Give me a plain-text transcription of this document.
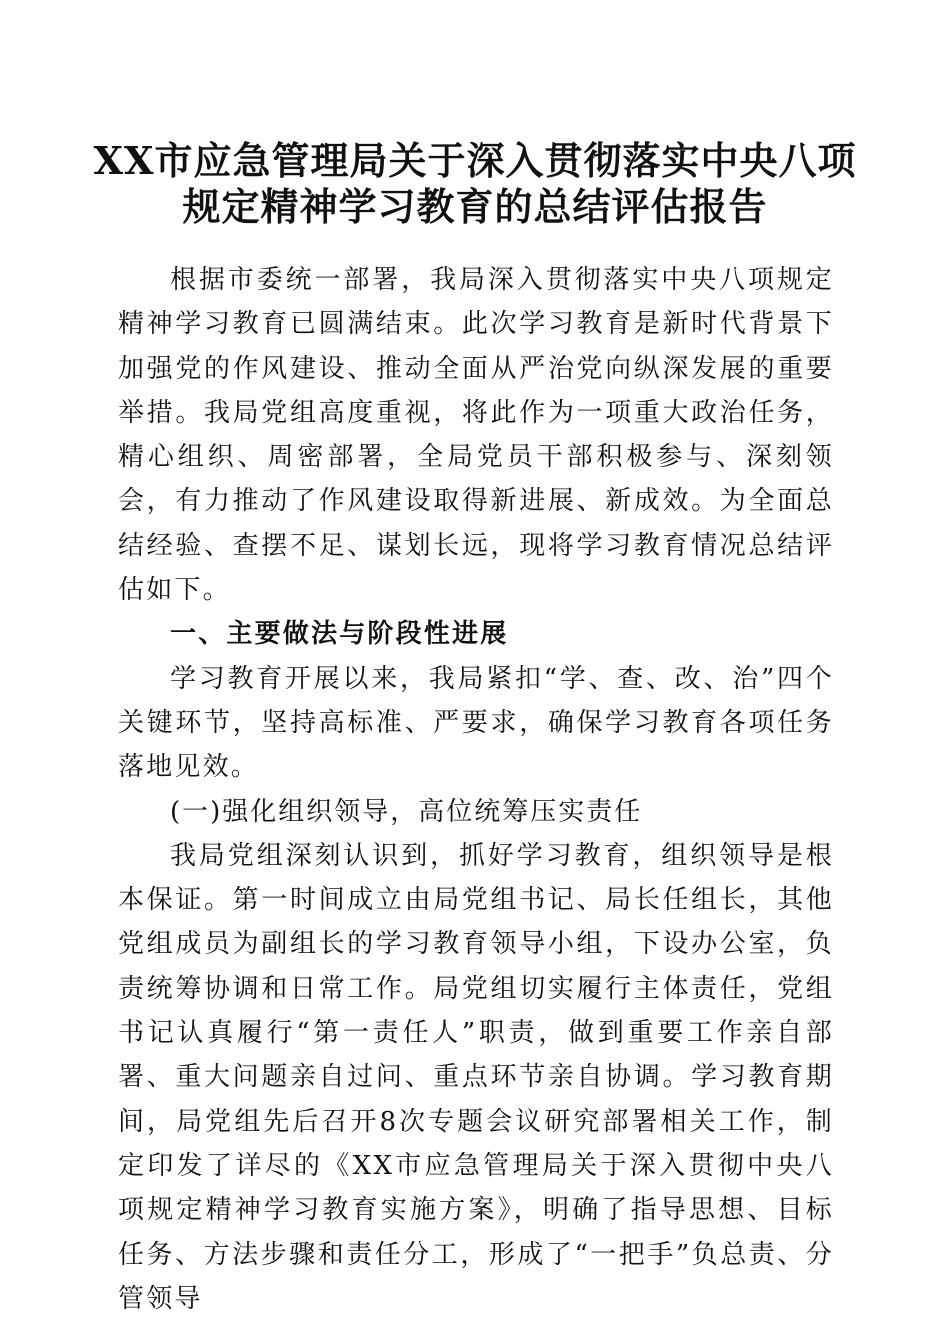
XX市应急管理局关于深入贯彻落实中央八项
规定精神学习教育的总结评估报告

根据市委统一部署，我局深入贯彻落实中央八项规定精神学习教育已圆满结束。此次学习教育是新时代背景下加强党的作风建设、推动全面从严治党向纵深发展的重要举措。我局党组高度重视，将此作为一项重大政治任务，精心组织、周密部署，全局党员干部积极参与、深刻领会，有力推动了作风建设取得新进展、新成效。为全面总结经验、查摆不足、谋划长远，现将学习教育情况总结评估如下。

一、主要做法与阶段性进展

学习教育开展以来，我局紧扣“学、查、改、治”四个关键环节，坚持高标准、严要求，确保学习教育各项任务落地见效。

(一)强化组织领导，高位统筹压实责任

我局党组深刻认识到，抓好学习教育，组织领导是根本保证。第一时间成立由局党组书记、局长任组长，其他党组成员为副组长的学习教育领导小组，下设办公室，负责统筹协调和日常工作。局党组切实履行主体责任，党组书记认真履行“第一责任人”职责，做到重要工作亲自部署、重大问题亲自过问、重点环节亲自协调。学习教育期间，局党组先后召开8次专题会议研究部署相关工作，制定印发了详尽的《XX市应急管理局关于深入贯彻中央八项规定精神学习教育实施方案》，明确了指导思想、目标任务、方法步骤和责任分工，形成了“一把手”负总责、分管领导
